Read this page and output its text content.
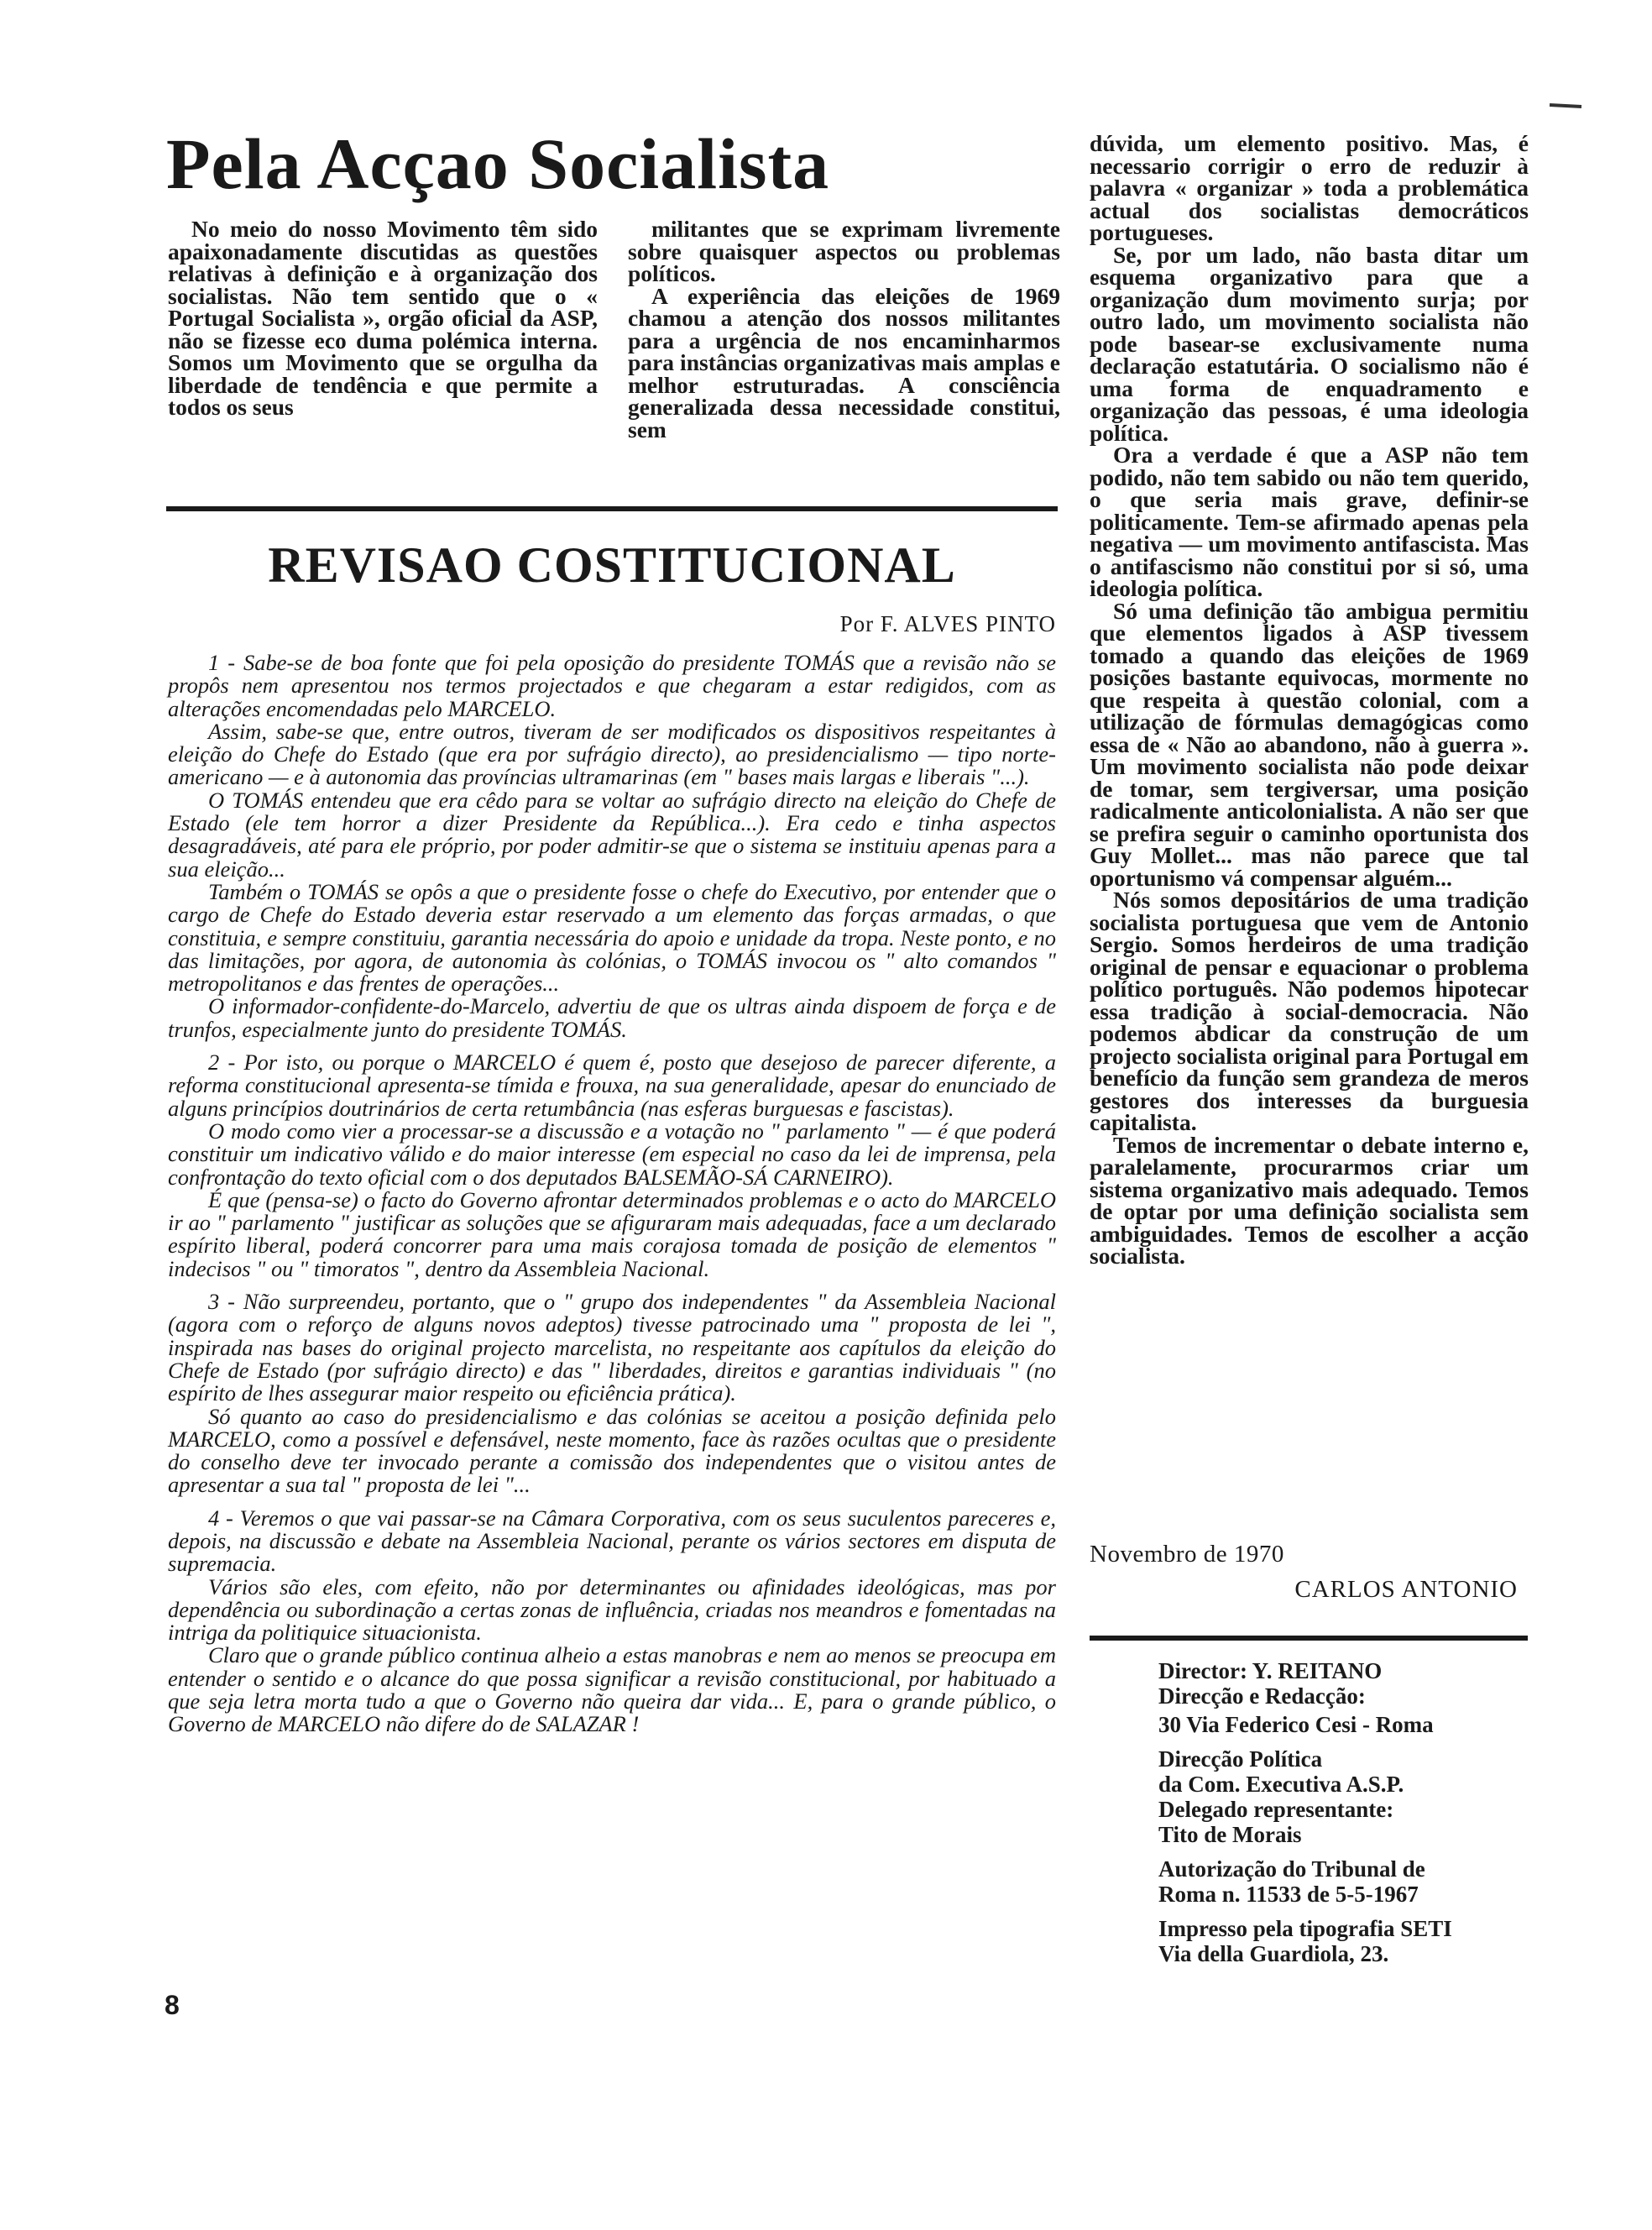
Pela Acçao Socialista

No meio do nosso Movimento têm sido apaixonadamente discutidas as questões relativas à definição e à organização dos socialistas. Não tem sentido que o « Portugal Socialista », orgão oficial da ASP, não se fizesse eco duma polémica interna. Somos um Movimento que se orgulha da liberdade de tendência e que permite a todos os seus

militantes que se exprimam livremente sobre quaisquer aspectos ou problemas políticos.

A experiência das eleições de 1969 chamou a atenção dos nossos militantes para a urgência de nos encaminharmos para instâncias organizativas mais amplas e melhor estruturadas. A consciência generalizada dessa necessidade constitui, sem

REVISAO COSTITUCIONAL
Por F. ALVES PINTO

1 - Sabe-se de boa fonte que foi pela oposição do presidente TOMÁS que a revisão não se propôs nem apresentou nos termos projectados e que chegaram a estar redigidos, com as alterações encomendadas pelo MARCELO.

Assim, sabe-se que, entre outros, tiveram de ser modificados os dispositivos respeitantes à eleição do Chefe do Estado (que era por sufrágio directo), ao presidencialismo — tipo norte-americano — e à autonomia das províncias ultramarinas (em " bases mais largas e liberais "...).

O TOMÁS entendeu que era cêdo para se voltar ao sufrágio directo na eleição do Chefe de Estado (ele tem horror a dizer Presidente da República...). Era cedo e tinha aspectos desagradáveis, até para ele próprio, por poder admitir-se que o sistema se instituiu apenas para a sua eleição...

Também o TOMÁS se opôs a que o presidente fosse o chefe do Executivo, por entender que o cargo de Chefe do Estado deveria estar reservado a um elemento das forças armadas, o que constituia, e sempre constituiu, garantia necessária do apoio e unidade da tropa. Neste ponto, e no das limitações, por agora, de autonomia às colónias, o TOMÁS invocou os " alto comandos " metropolitanos e das frentes de operações...

O informador-confidente-do-Marcelo, advertiu de que os ultras ainda dispoem de força e de trunfos, especialmente junto do presidente TOMÁS.

2 - Por isto, ou porque o MARCELO é quem é, posto que desejoso de parecer diferente, a reforma constitucional apresenta-se tímida e frouxa, na sua generalidade, apesar do enunciado de alguns princípios doutrinários de certa retumbância (nas esferas burguesas e fascistas).

O modo como vier a processar-se a discussão e a votação no " parlamento " — é que poderá constituir um indicativo válido e do maior interesse (em especial no caso da lei de imprensa, pela confrontação do texto oficial com o dos deputados BALSEMÃO-SÁ CARNEIRO).

É que (pensa-se) o facto do Governo afrontar determinados problemas e o acto do MARCELO ir ao " parlamento " justificar as soluções que se afiguraram mais adequadas, face a um declarado espírito liberal, poderá concorrer para uma mais corajosa tomada de posição de elementos " indecisos " ou " timoratos ", dentro da Assembleia Nacional.

3 - Não surpreendeu, portanto, que o " grupo dos independentes " da Assembleia Nacional (agora com o reforço de alguns novos adeptos) tivesse patrocinado uma " proposta de lei ", inspirada nas bases do original projecto marcelista, no respeitante aos capítulos da eleição do Chefe de Estado (por sufrágio directo) e das " liberdades, direitos e garantias individuais " (no espírito de lhes assegurar maior respeito ou eficiência prática).

Só quanto ao caso do presidencialismo e das colónias se aceitou a posição definida pelo MARCELO, como a possível e defensável, neste momento, face às razões ocultas que o presidente do conselho deve ter invocado perante a comissão dos independentes que o visitou antes de apresentar a sua tal " proposta de lei "...

4 - Veremos o que vai passar-se na Câmara Corporativa, com os seus suculentos pareceres e, depois, na discussão e debate na Assembleia Nacional, perante os vários sectores em disputa de supremacia.

Vários são eles, com efeito, não por determinantes ou afinidades ideológicas, mas por dependência ou subordinação a certas zonas de influência, criadas nos meandros e fomentadas na intriga da politiquice situacionista.

Claro que o grande público continua alheio a estas manobras e nem ao menos se preocupa em entender o sentido e o alcance do que possa significar a revisão constitucional, por habituado a que seja letra morta tudo a que o Governo não queira dar vida... E, para o grande público, o Governo de MARCELO não difere do de SALAZAR !

8

dúvida, um elemento positivo. Mas, é necessario corrigir o erro de reduzir à palavra « organizar » toda a problemática actual dos socialistas democráticos portugueses.

Se, por um lado, não basta ditar um esquema organizativo para que a organização dum movimento surja; por outro lado, um movimento socialista não pode basear-se exclusivamente numa declaração estatutária. O socialismo não é uma forma de enquadramento e organização das pessoas, é uma ideologia política.

Ora a verdade é que a ASP não tem podido, não tem sabido ou não tem querido, o que seria mais grave, definir-se politicamente. Tem-se afirmado apenas pela negativa — um movimento antifascista. Mas o antifascismo não constitui por si só, uma ideologia política.

Só uma definição tão ambigua permitiu que elementos ligados à ASP tivessem tomado a quando das eleições de 1969 posições bastante equivocas, mormente no que respeita à questão colonial, com a utilização de fórmulas demagógicas como essa de « Não ao abandono, não à guerra ». Um movimento socialista não pode deixar de tomar, sem tergiversar, uma posição radicalmente anticolonialista. A não ser que se prefira seguir o caminho oportunista dos Guy Mollet... mas não parece que tal oportunismo vá compensar alguém...

Nós somos depositários de uma tradição socialista portuguesa que vem de Antonio Sergio. Somos herdeiros de uma tradição original de pensar e equacionar o problema político português. Não podemos hipotecar essa tradição à social-democracia. Não podemos abdicar da construção de um projecto socialista original para Portugal em benefício da função sem grandeza de meros gestores dos interesses da burguesia capitalista.

Temos de incrementar o debate interno e, paralelamente, procurarmos criar um sistema organizativo mais adequado. Temos de optar por uma definição socialista sem ambiguidades. Temos de escolher a acção socialista.

Novembro de 1970
CARLOS ANTONIO
Director: Y. REITANO
Direcção e Redacção:
30 Via Federico Cesi - Roma
Direcção Política
da Com. Executiva A.S.P.
Delegado representante:
Tito de Morais
Autorização do Tribunal de
Roma n. 11533 de 5-5-1967
Impresso pela tipografia SETI
Via della Guardiola, 23.
